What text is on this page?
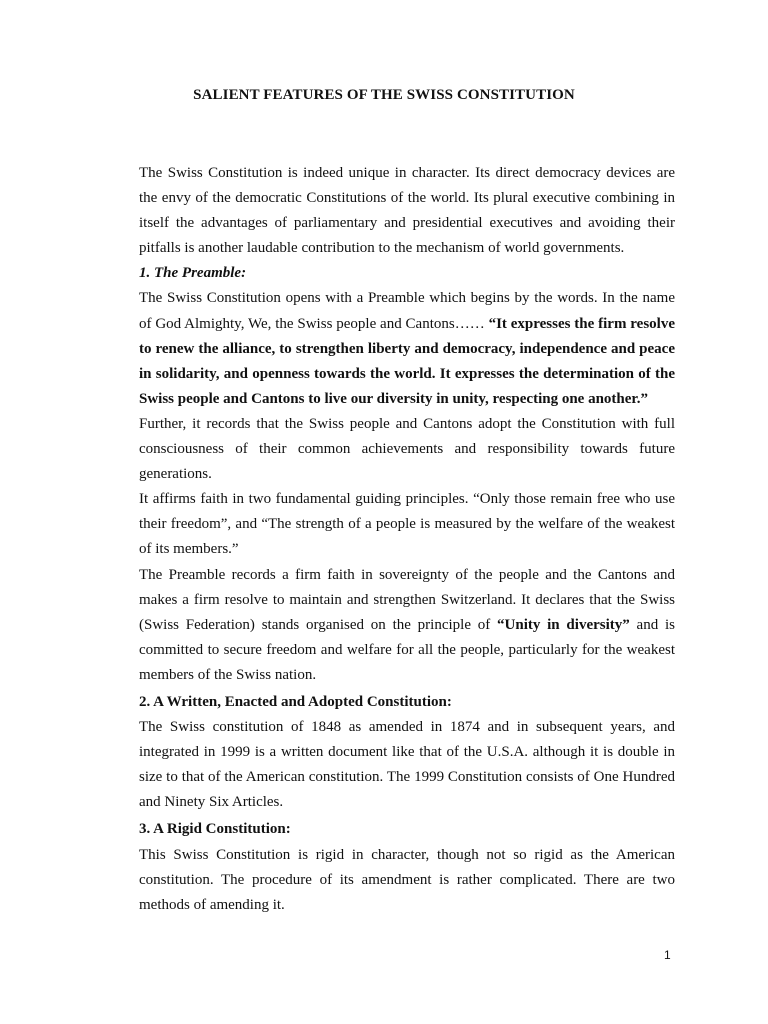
SALIENT FEATURES OF THE SWISS CONSTITUTION

The Swiss Constitution is indeed unique in character. Its direct democracy devices are the envy of the democratic Constitutions of the world. Its plural executive combining in itself the advantages of parliamentary and presidential executives and avoiding their pitfalls is another laudable contribution to the mechanism of world governments.

1. The Preamble:

The Swiss Constitution opens with a Preamble which begins by the words. In the name of God Almighty, We, the Swiss people and Cantons…… “It expresses the firm resolve to renew the alliance, to strengthen liberty and democracy, independence and peace in solidarity, and openness towards the world. It expresses the determination of the Swiss people and Cantons to live our diversity in unity, respecting one another.”

Further, it records that the Swiss people and Cantons adopt the Constitution with full consciousness of their common achievements and responsibility towards future generations.

It affirms faith in two fundamental guiding principles. “Only those remain free who use their freedom”, and “The strength of a people is measured by the welfare of the weakest of its members.”

The Preamble records a firm faith in sovereignty of the people and the Cantons and makes a firm resolve to maintain and strengthen Switzerland. It declares that the Swiss (Swiss Federation) stands organised on the principle of “Unity in diversity” and is committed to secure freedom and welfare for all the people, particularly for the weakest members of the Swiss nation.

2. A Written, Enacted and Adopted Constitution:

The Swiss constitution of 1848 as amended in 1874 and in subsequent years, and integrated in 1999 is a written document like that of the U.S.A. although it is double in size to that of the American constitution. The 1999 Constitution consists of One Hundred and Ninety Six Articles.

3. A Rigid Constitution:

This Swiss Constitution is rigid in character, though not so rigid as the American constitution. The procedure of its amendment is rather complicated. There are two methods of amending it.

1
